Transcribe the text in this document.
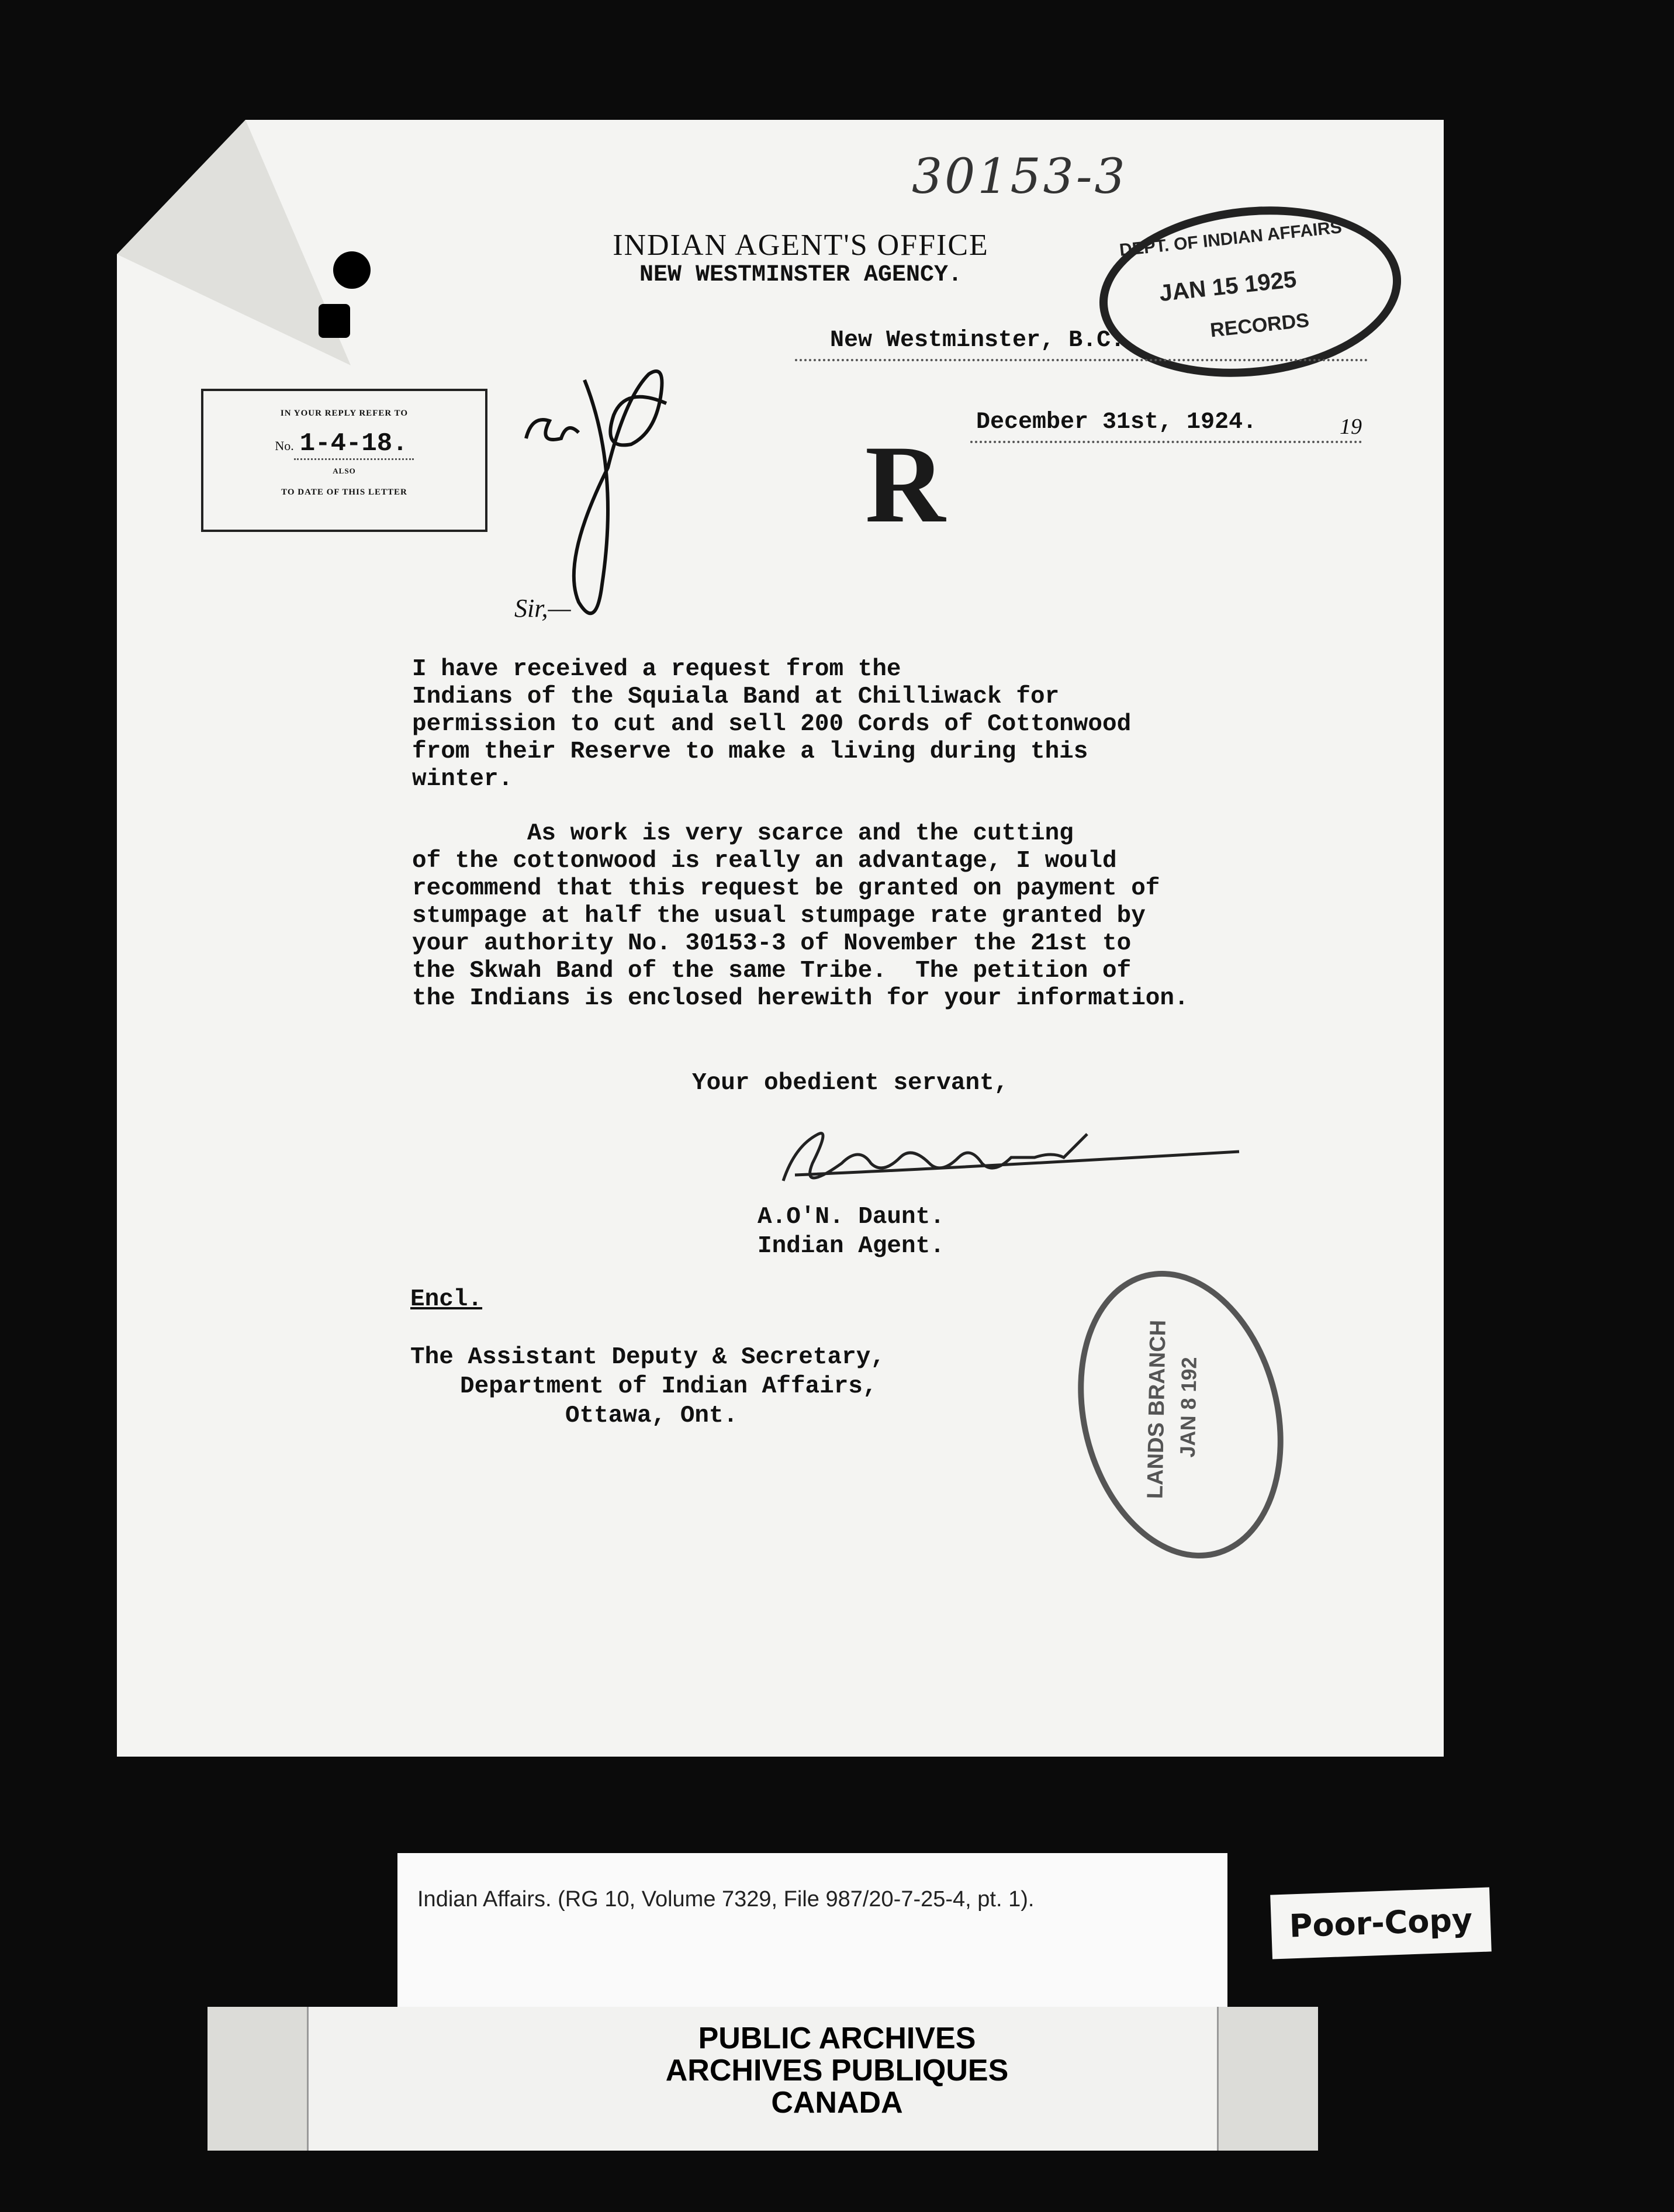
30153-3
INDIAN AGENT'S OFFICE
NEW WESTMINSTER AGENCY.
DEPT. OF INDIAN AFFAIRS
JAN 15 1925
RECORDS
New Westminster, B.C.
December 31st, 1924.	19
IN YOUR REPLY REFER TO
No. 1-4-18.
ALSO
TO DATE OF THIS LETTER	R
Sir,—
I have received a request from the
Indians of the Squiala Band at Chilliwack for
permission to cut and sell 200 Cords of Cottonwood
from their Reserve to make a living during this
winter.
As work is very scarce and the cutting
of the cottonwood is really an advantage, I would
recommend that this request be granted on payment of
stumpage at half the usual stumpage rate granted by
your authority No. 30153-3 of November the 21st to
the Skwah Band of the same Tribe.  The petition of
the Indians is enclosed herewith for your information.
Your obedient servant,
A.O'N. Daunt.
Indian Agent.
Encl.
The Assistant Deputy & Secretary,
Department of Indian Affairs,
Ottawa, Ont.	LANDS BRANCH JAN 8 192
Indian Affairs. (RG 10, Volume 7329, File 987/20-7-25-4, pt. 1).
Poor-Copy
PUBLIC ARCHIVES
ARCHIVES PUBLIQUES
CANADA
